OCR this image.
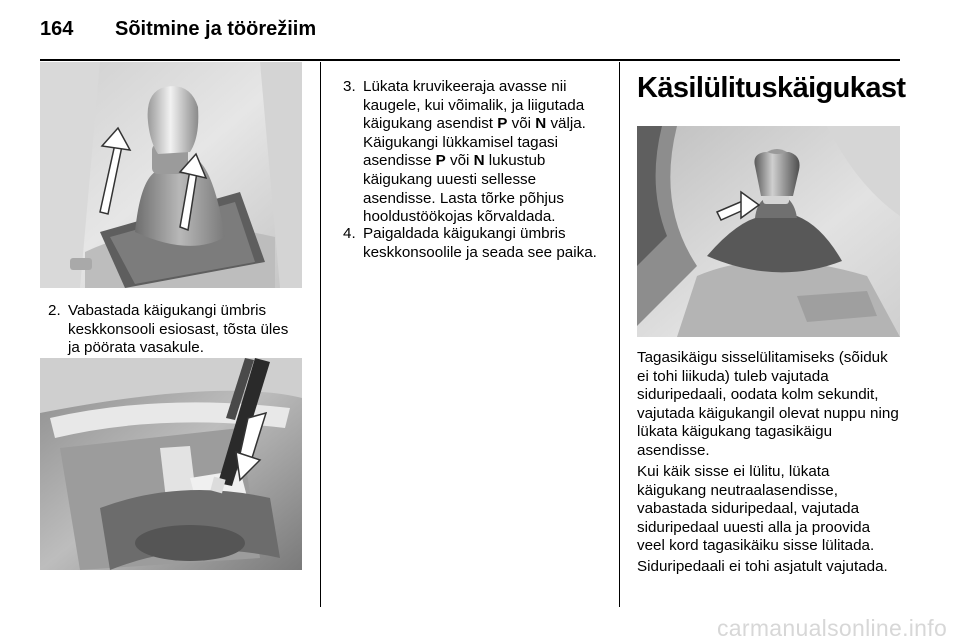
164 Sõitmine ja töörežiim
2. Vabastada käigukangi ümbris keskkonsooli esiosast, tõsta üles ja pöörata vasakule.
3. Lükata kruvikeeraja avasse nii kaugele, kui võimalik, ja liigutada käigukang asendist P või N välja. Käigukangi lükkamisel tagasi asendisse P või N lukustub käigukang uuesti sellesse asendisse. Lasta tõrke põhjus hooldustöökojas kõrvaldada.
4. Paigaldada käigukangi ümbris keskkonsoolile ja seada see paika.
Käsilülituskäigukast
Tagasikäigu sisselülitamiseks (sõiduk ei tohi liikuda) tuleb vajutada siduripedaali, oodata kolm sekundit, vajutada käigukangil olevat nuppu ning lükata käigukang tagasikäigu asendisse.
Kui käik sisse ei lülitu, lükata käigukang neutraalasendisse, vabastada siduripedaal, vajutada siduripedaal uuesti alla ja proovida veel kord tagasikäiku sisse lülitada.
Siduripedaali ei tohi asjatult vajutada.
carmanualsonline.info
